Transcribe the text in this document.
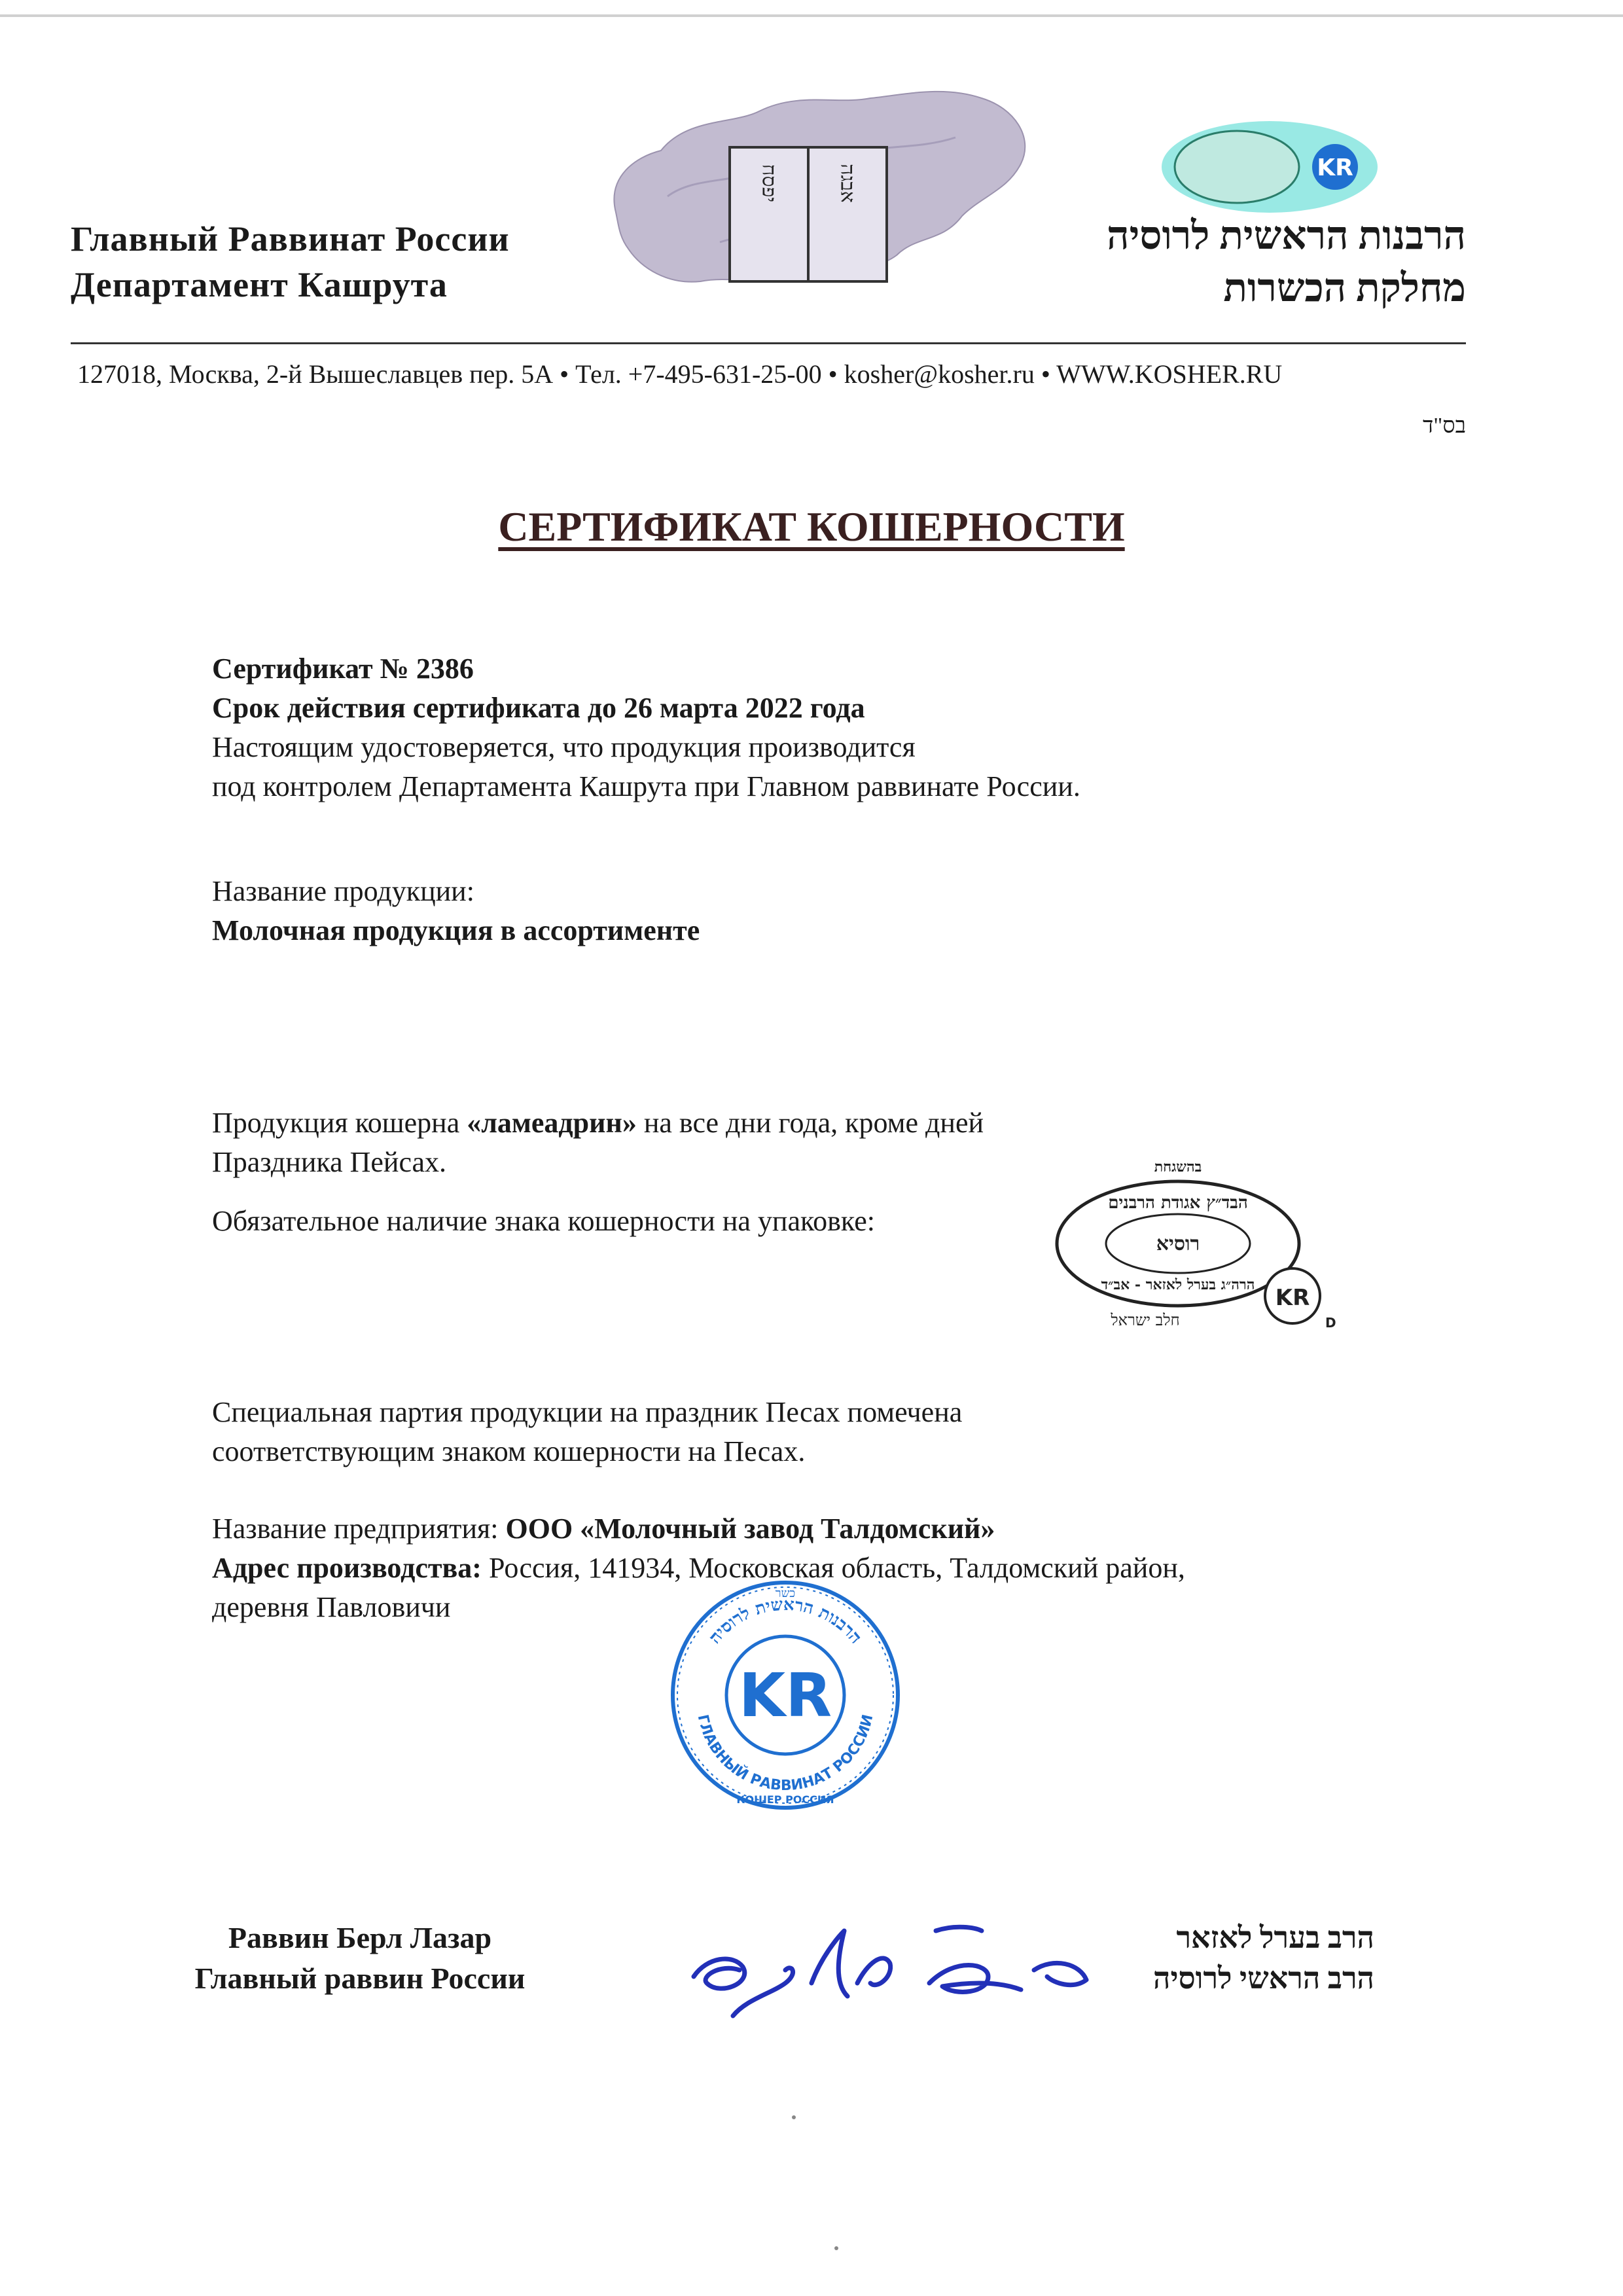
יפסח	אבגה	KR
Главный Раввинат России
Департамент Кашрута
הרבנות הראשית לרוסיה
מחלקת הכשרות
127018, Москва, 2-й Вышеславцев пер. 5А • Тел. +7-495-631-25-00 • kosher@kosher.ru • WWW.KOSHER.RU
בס"ד
СЕРТИФИКАТ КОШЕРНОСТИ
Сертификат № 2386
Срок действия сертификата до 26 марта 2022 года
Настоящим удостоверяется, что продукция производится
под контролем Департамента Кашрута при Главном раввинате России.
Название продукции:
Молочная продукция в ассортименте
Продукция кошерна «ламеадрин» на все дни года, кроме дней
Праздника Пейсах.
Обязательное наличие знака кошерности на упаковке:
בהשגחת
הבד״ץ אגודת הרבנים
רוסיא
הרה״ג בערל לאזאר - אב״ד
חלב ישראל
KR
D
Специальная партия продукции на праздник Песах помечена
соответствующим знаком кошерности на Песах.
Название предприятия: ООО «Молочный завод Талдомский»
Адрес производства: Россия, 141934, Московская область, Талдомский район,
деревня Павловичи
הרבנות הראשית לרוסיה
ГЛАВНЫЙ РАВВИНАТ РОССИИ
КОШЕР РОССИЯ
כשר
KR
Раввин Берл Лазар
Главный раввин России
הרב בערל לאזאר
הרב הראשי לרוסיה
